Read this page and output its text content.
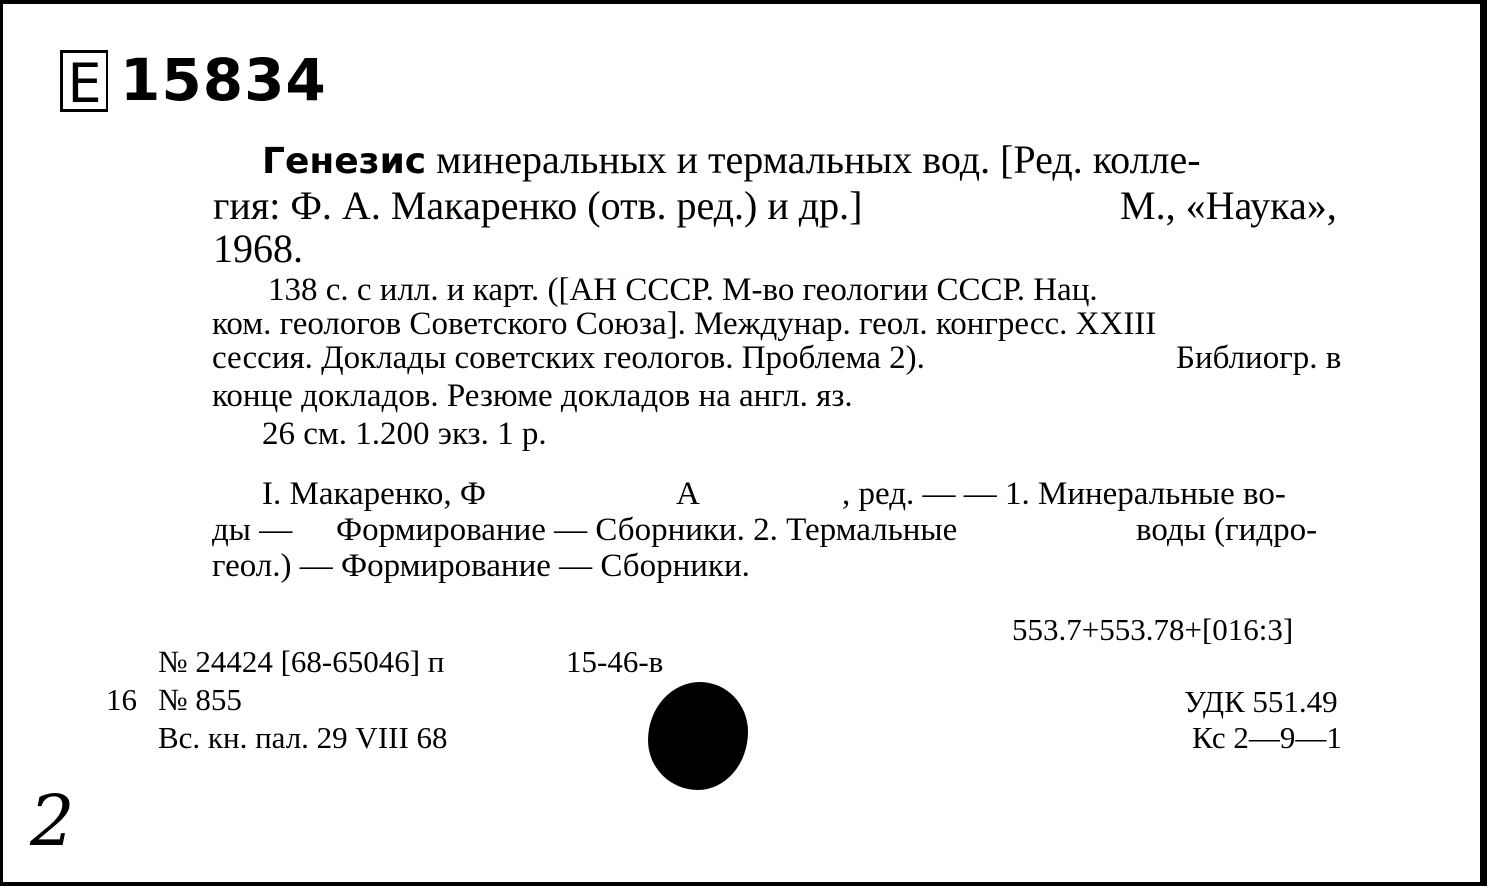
Е 15834
Генезис минеральных и термальных вод. [Ред. колле-
гия: Ф. А. Макаренко (отв. ред.) и др.]	М., «Наука»,
1968.
138 с. с илл. и карт. ([АН СССР. М-во геологии СССР. Нац.
ком. геологов Советского Союза]. Междунар. геол. конгресс. XXIII
сессия. Доклады советских геологов. Проблема 2).	Библиогр. в
конце докладов. Резюме докладов на англ. яз.
26 см. 1.200 экз. 1 р.
I. Макаренко, Ф	А	, ред. — — 1. Минеральные во-
ды — Формирование — Сборники. 2. Термальные	воды (гидро-
геол.) — Формирование — Сборники.
553.7+553.78+[016:3]
УДК 551.49
Кс 2—9—1
№ 24424 [68-65046] п	15-46-в
16 № 855
Вс. кн. пал. 29 VIII 68
2
